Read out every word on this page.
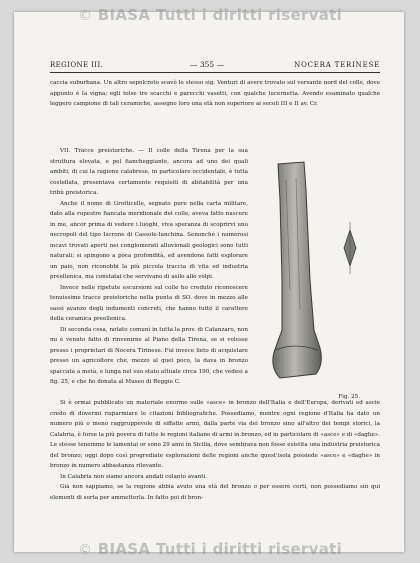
© BIASA Tutti i diritti riservati
REGIONE III.	— 355 —	NOCERA TERINESE

caccia suburbana. Un altro sepolcreto scavò lo stesso sig. Venturi di avere trovato sul versante nord del colle, dove appunto è la vigna; egli tolse tre scacchi e parecchi vasetti, con qualche lucernetta. Avendo esaminato qualche leggero campione di tali ceramiche, assegno loro una età non superiore ai secoli III e II av. Cr.

VII. Tracce preistoriche. — Il colle della Tirena per la sua struttura elevata, e pel fiancheggiante, ancora ad uno dei quali ambiti, di cui la ragione calabrese, in particolare occidentale, è tutta costellata, presentava certamente requisiti di abitabilità per una tribù preistorica.

Anche il nome di Grotticelle, segnato pure nella carta militare, dato alla rupestre fiancata meridionale del colle, aveva fatto nascere in me, ancor prima di vedere i luoghi, viva speranza di scoprirvi uno necropoli del tipo Iscrone di Cassole-Ianchina. Senonché i numerosi incavi trovati aperti nei conglomerati alluvionali geologici sono tutti naturali; si spingono a poca profondità, ed avendone fatti esplorare un paio, non riconobbi la più piccola traccia di vita ed industria preellenica, ma constatai che servivano di asilo alle volpi.

Invece nelle ripetute escursioni sul colle ho creduto riconoscere tenuissime tracce preistoriche nella punta di SO. dove in mezzo alle sassi avanzo degli indumenti concreti, che hanno tutto il carattere della ceramica preellenica.

Di seconda cosa, notato comunì in tutta la prov. di Catanzaro, non mi è venuto fatto di rinvenirne al Piano della Tirena, se si volesse presso i proprietari di Nocera Tirinese. Fui invece lieto di acquistare presso un agricoltore che, mezzo al quel poco, la dava in bronzo spaccata a metà, e lunga nel suo stato attuale circa 190, che vedesi a fig. 25, e che ho donata al Museo di Reggio C.

Fig. 25.

Si è ormai pubblicato un materiale enorme sulle «asce» in bronzo dell'Italia e dell'Europa, derivati ed ascie credo di dovermi risparmiare le citazioni bibliografiche. Possediamo, mentre ogni regione d'Italia ha dato un numero più o meno raggruppevole di siffatte armi, dalla parte via dei bronzo sino all'altro dei tempi storici, la Calabria, è forse la più povera di tutte le regioni italiane di armi in bronzo, ed in particolare di «asce» e di «daghe». Le stesse tenemmo le lamentai or sono 29 anni in Sicilia, dove sembrava non fosse esistita una industria preistorica del bronzo; oggi dopo così progrediate esplorazioni delle regioni anche quest'isola possiede «asce» e «daghe» in bronzo in numero abbastanza rilevante.

In Calabria non siamo ancora andati colanto avanti.

Già non sappiamo, se la regione abbia avuto una età del bronzo o per essere certi, non possediamo sin qui elementi di sorta per ammetterla. In fatto poi di bron-

© BIASA Tutti i diritti riservati
